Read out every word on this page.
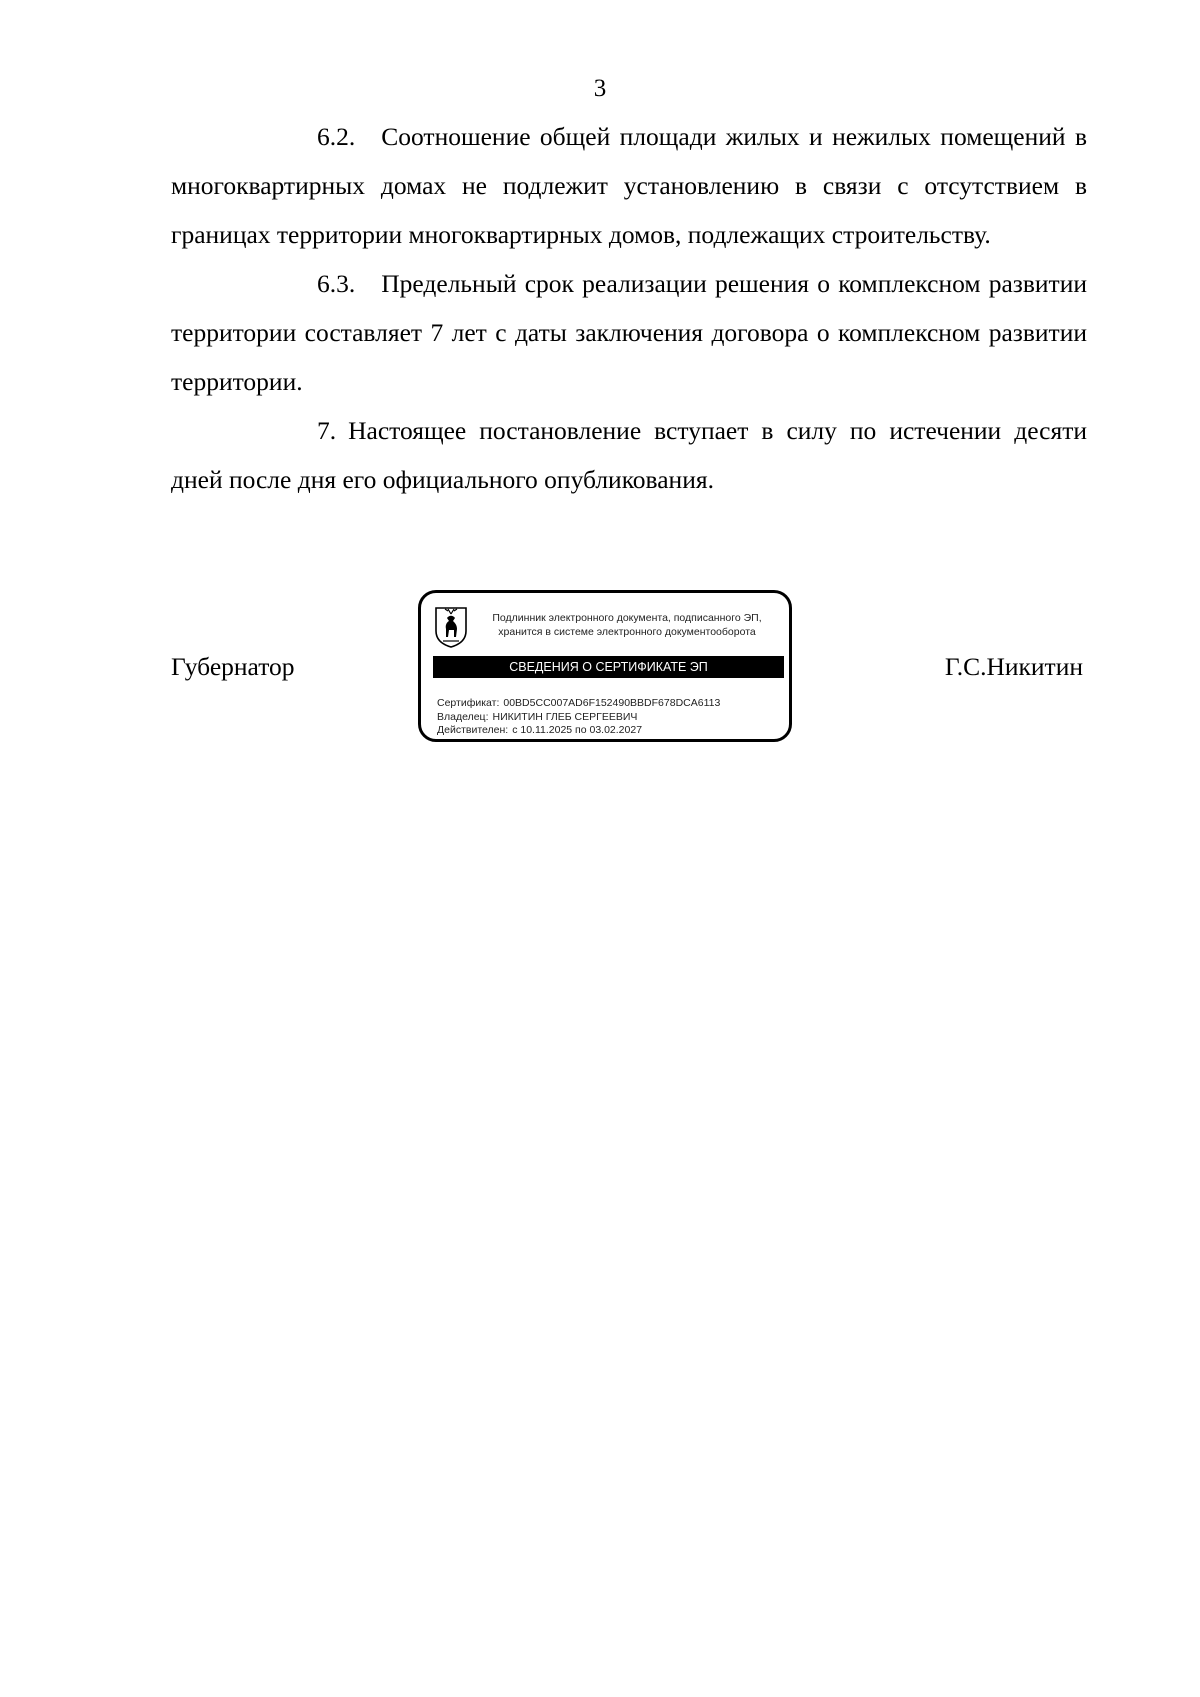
3

6.2. Соотношение общей площади жилых и нежилых помещений в многоквартирных домах не подлежит установлению в связи с отсутствием в границах территории многоквартирных домов, подлежащих строительству.

6.3. Предельный срок реализации решения о комплексном развитии территории составляет 7 лет с даты заключения договора о комплексном развитии территории.

7. Настоящее постановление вступает в силу по истечении десяти дней после дня его официального опубликования.

Губернатор
Подлинник электронного документа, подписанного ЭП,
хранится в системе электронного документооборота
СВЕДЕНИЯ О СЕРТИФИКАТЕ ЭП
Сертификат: 00BD5CC007AD6F152490BBDF678DCA6113
Владелец: НИКИТИН ГЛЕБ СЕРГЕЕВИЧ
Действителен: с 10.11.2025 по 03.02.2027
Г.С.Никитин
